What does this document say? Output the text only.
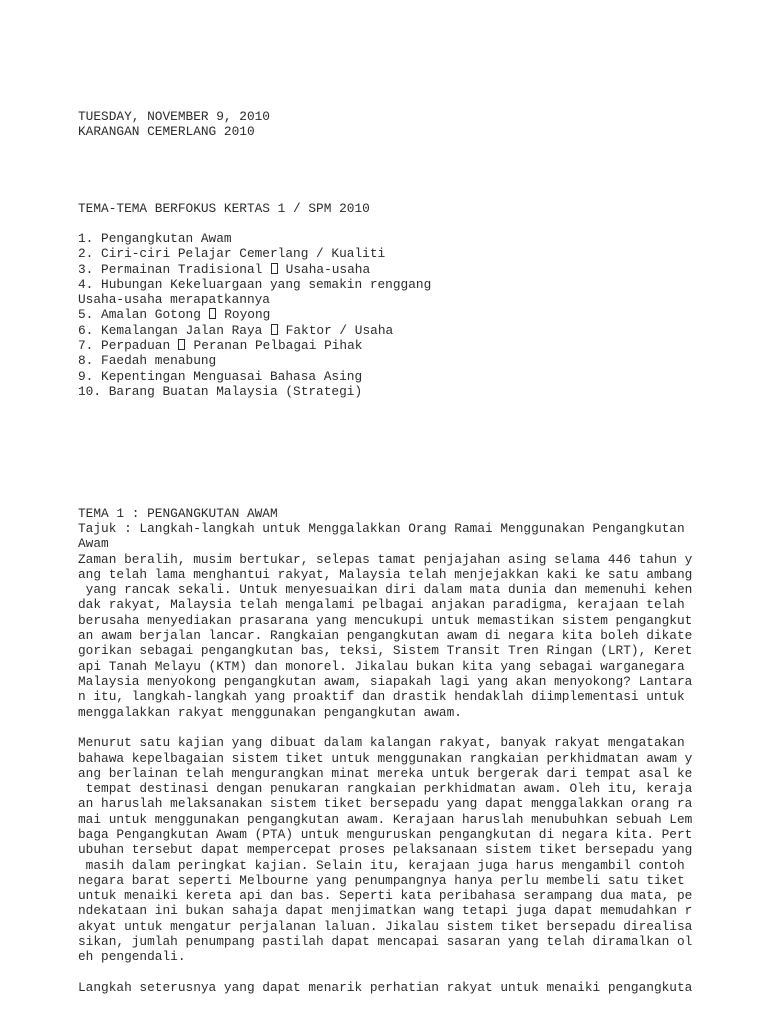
TUESDAY, NOVEMBER 9, 2010
KARANGAN CEMERLANG 2010
TEMA-TEMA BERFOKUS KERTAS 1 / SPM 2010
1. Pengangkutan Awam
2. Ciri-ciri Pelajar Cemerlang / Kualiti
3. Permainan Tradisional  Usaha-usaha
4. Hubungan Kekeluargaan yang semakin renggang
Usaha-usaha merapatkannya
5. Amalan Gotong  Royong
6. Kemalangan Jalan Raya  Faktor / Usaha
7. Perpaduan  Peranan Pelbagai Pihak
8. Faedah menabung
9. Kepentingan Menguasai Bahasa Asing
10. Barang Buatan Malaysia (Strategi)
TEMA 1 : PENGANGKUTAN AWAM
Tajuk : Langkah-langkah untuk Menggalakkan Orang Ramai Menggunakan Pengangkutan
Awam
Zaman beralih, musim bertukar, selepas tamat penjajahan asing selama 446 tahun y
ang telah lama menghantui rakyat, Malaysia telah menjejakkan kaki ke satu ambang
yang rancak sekali. Untuk menyesuaikan diri dalam mata dunia dan memenuhi kehen
dak rakyat, Malaysia telah mengalami pelbagai anjakan paradigma, kerajaan telah
berusaha menyediakan prasarana yang mencukupi untuk memastikan sistem pengangkut
an awam berjalan lancar. Rangkaian pengangkutan awam di negara kita boleh dikate
gorikan sebagai pengangkutan bas, teksi, Sistem Transit Tren Ringan (LRT), Keret
api Tanah Melayu (KTM) dan monorel. Jikalau bukan kita yang sebagai warganegara
Malaysia menyokong pengangkutan awam, siapakah lagi yang akan menyokong? Lantara
n itu, langkah-langkah yang proaktif dan drastik hendaklah diimplementasi untuk
menggalakkan rakyat menggunakan pengangkutan awam.
Menurut satu kajian yang dibuat dalam kalangan rakyat, banyak rakyat mengatakan
bahawa kepelbagaian sistem tiket untuk menggunakan rangkaian perkhidmatan awam y
ang berlainan telah mengurangkan minat mereka untuk bergerak dari tempat asal ke
tempat destinasi dengan penukaran rangkaian perkhidmatan awam. Oleh itu, keraja
an haruslah melaksanakan sistem tiket bersepadu yang dapat menggalakkan orang ra
mai untuk menggunakan pengangkutan awam. Kerajaan haruslah menubuhkan sebuah Lem
baga Pengangkutan Awam (PTA) untuk menguruskan pengangkutan di negara kita. Pert
ubuhan tersebut dapat mempercepat proses pelaksanaan sistem tiket bersepadu yang
masih dalam peringkat kajian. Selain itu, kerajaan juga harus mengambil contoh
negara barat seperti Melbourne yang penumpangnya hanya perlu membeli satu tiket
untuk menaiki kereta api dan bas. Seperti kata peribahasa serampang dua mata, pe
ndekataan ini bukan sahaja dapat menjimatkan wang tetapi juga dapat memudahkan r
akyat untuk mengatur perjalanan laluan. Jikalau sistem tiket bersepadu direalisa
sikan, jumlah penumpang pastilah dapat mencapai sasaran yang telah diramalkan ol
eh pengendali.
Langkah seterusnya yang dapat menarik perhatian rakyat untuk menaiki pengangkuta
